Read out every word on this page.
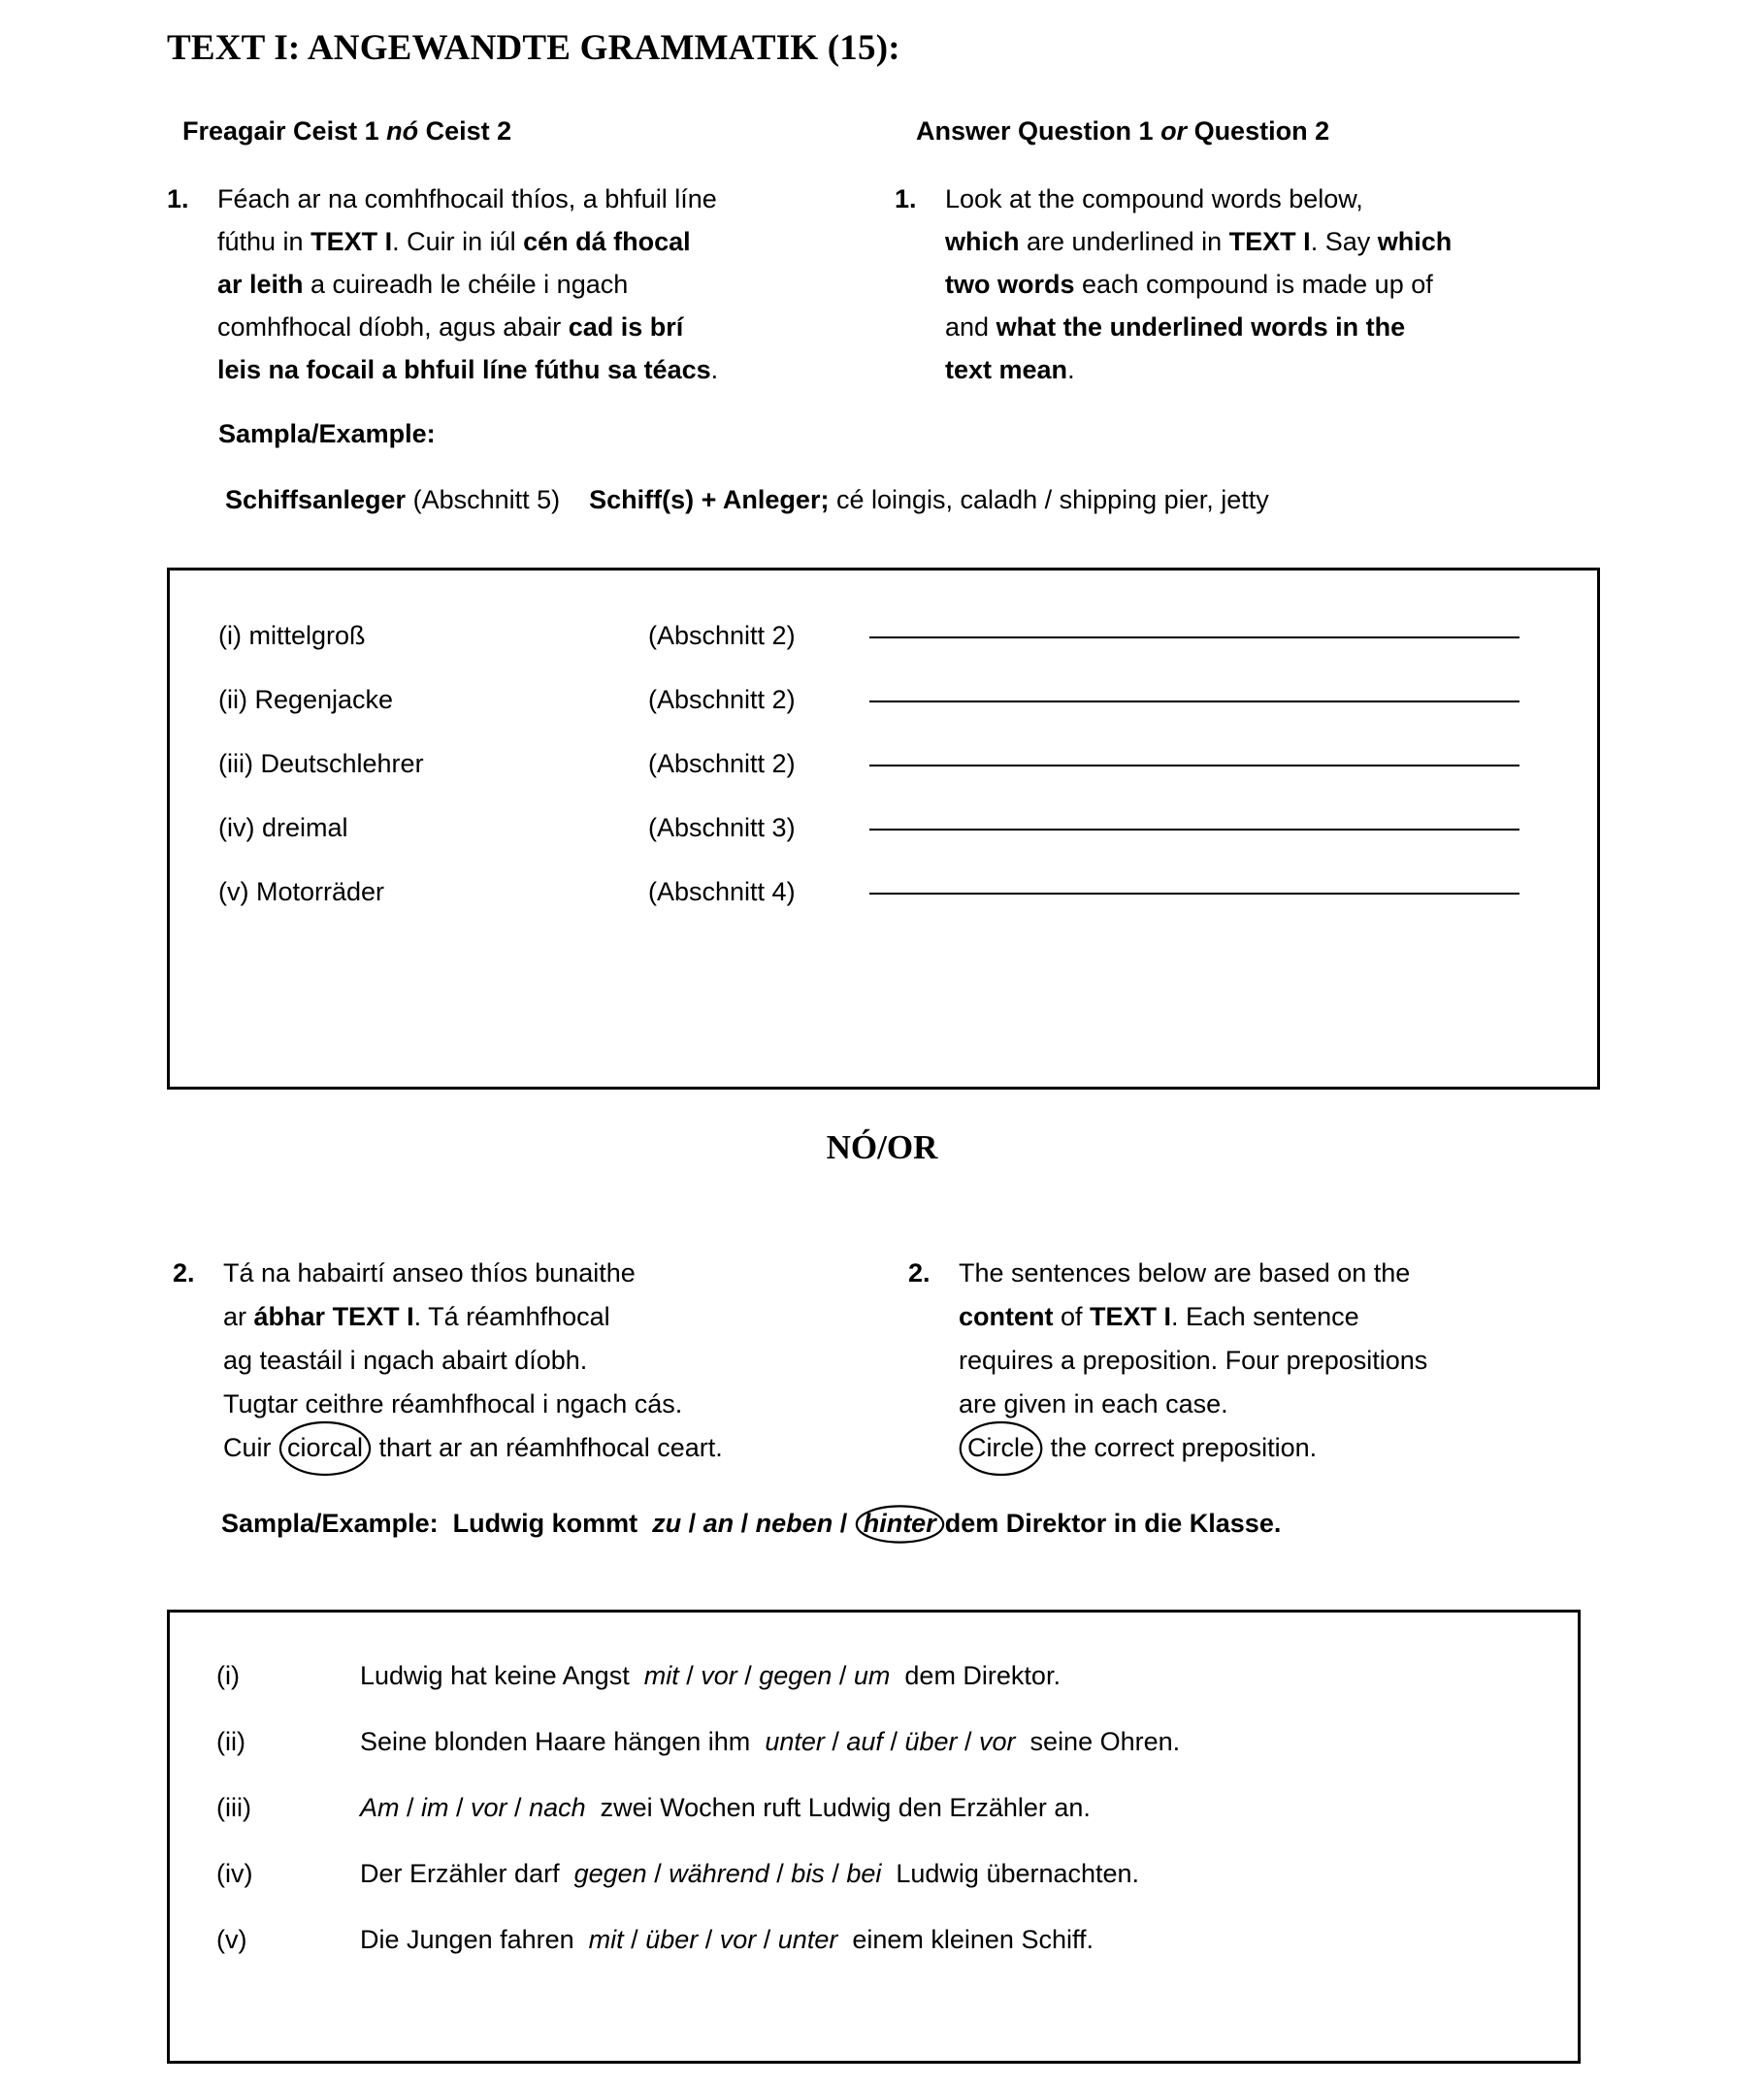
TEXT I: ANGEWANDTE GRAMMATIK (15):
Freagair Ceist 1 nó Ceist 2	Answer Question 1 or Question 2
1.	Féach ar na comhfhocail thíos, a bhfuil líne
fúthu in TEXT I. Cuir in iúl cén dá fhocal
ar leith a cuireadh le chéile i ngach
comhfhocal díobh, agus abair cad is brí
leis na focail a bhfuil líne fúthu sa téacs.
1.	Look at the compound words below,
which are underlined in TEXT I. Say which
two words each compound is made up of
and what the underlined words in the
text mean.
Sampla/Example:
Schiffsanleger (Abschnitt 5) Schiff(s) + Anleger; cé loingis, caladh / shipping pier, jetty
(i) mittelgroß	(Abschnitt 2)
(ii) Regenjacke	(Abschnitt 2)
(iii) Deutschlehrer	(Abschnitt 2)
(iv) dreimal	(Abschnitt 3)
(v) Motorräder	(Abschnitt 4)
NÓ/OR
2.	Tá na habairtí anseo thíos bunaithe
ar ábhar TEXT I. Tá réamhfhocal
ag teastáil i ngach abairt díobh.
Tugtar ceithre réamhfhocal i ngach cás.
Cuir
ciorcal thart ar an réamhfhocal ceart.
2.	The sentences below are based on the
content of TEXT I. Each sentence
requires a preposition. Four prepositions
are given in each case.
Circle the correct preposition.
Sampla/Example: Ludwig kommt zu / an / neben /
hinter dem Direktor in die Klasse.
(i)	Ludwig hat keine Angst mit / vor / gegen / um dem Direktor.
(ii)	Seine blonden Haare hängen ihm unter / auf / über / vor seine Ohren.
(iii)	Am / im / vor / nach zwei Wochen ruft Ludwig den Erzähler an.
(iv)	Der Erzähler darf gegen / während / bis / bei Ludwig übernachten.
(v)	Die Jungen fahren mit / über / vor / unter einem kleinen Schiff.
